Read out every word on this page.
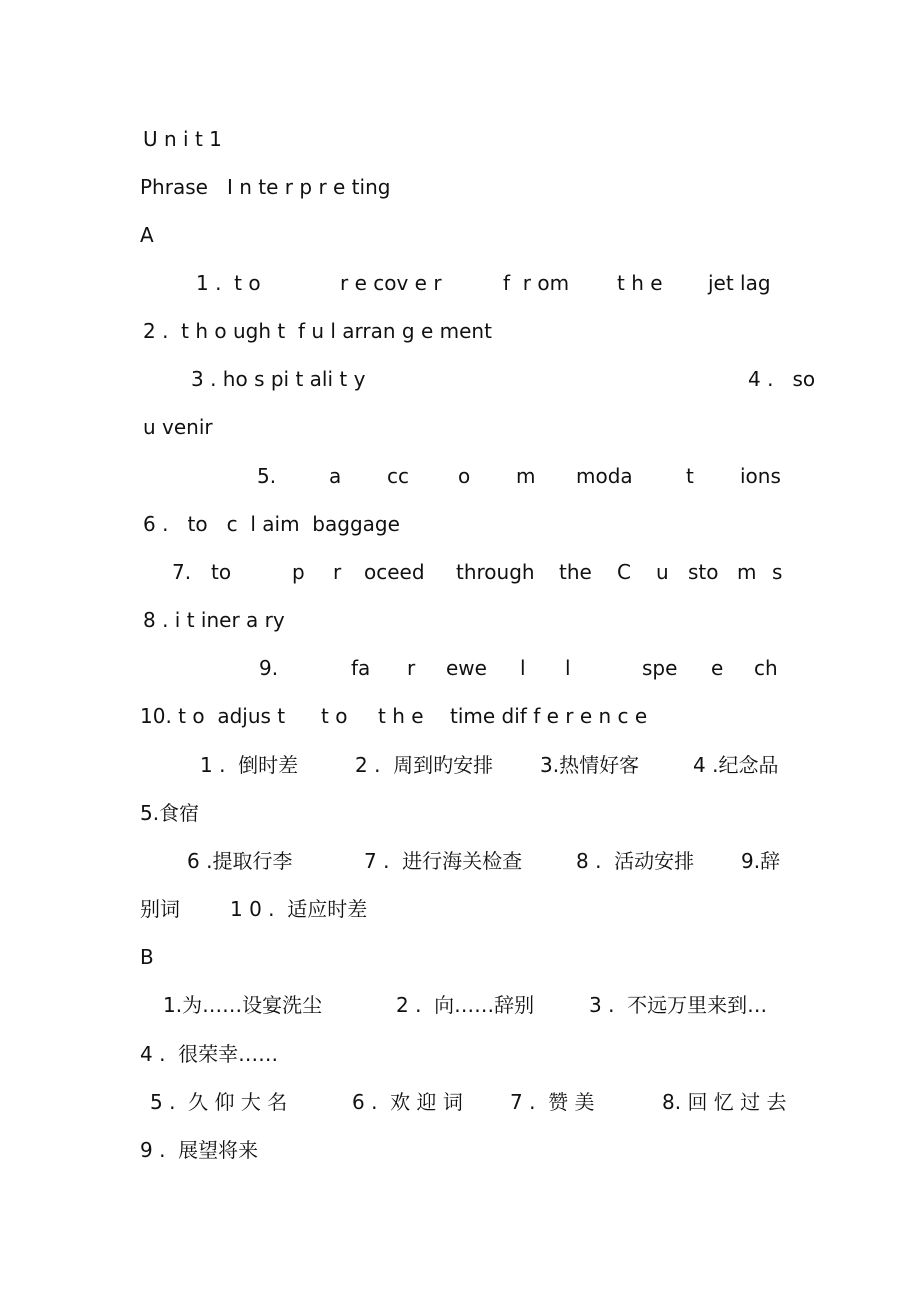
U n i t 1

Phrase   I n te r p r e ting

A

1 .  t o

	r e cov e r

	f  r om

t h e

jet lag

2 .  t h o ugh t  f u l arran g e ment

3 . ho s pi t ali t y

	4 .   so

u venir

5.

	a

cc

o

m

moda

	t

ions

6 .   to   c  l aim  baggage

7.

to

	p

r

oceed

through

the

C

u

sto

m

s

8 . i t iner a ry

9.

	fa

r

ewe

l

l

	spe

e

ch

10. t o  adjus t

t o

t h e

time dif f e r e n c e

1 .  倒时差

	2 .  周到旳安排

3.热情好客

	4 .纪念品

5.食宿

6 .提取行李

	7 .  进行海关检查

	8 .  活动安排

9.辞

别词

	1 0 .  适应时差

B

1.为……设宴洗尘

	2 .  向……辞别

	3 .  不远万里来到…

4 .  很荣幸……

5 .  久 仰 大 名

	6 .  欢 迎 词

7 .  赞 美

	8. 回 忆 过 去

9 .  展望将来
